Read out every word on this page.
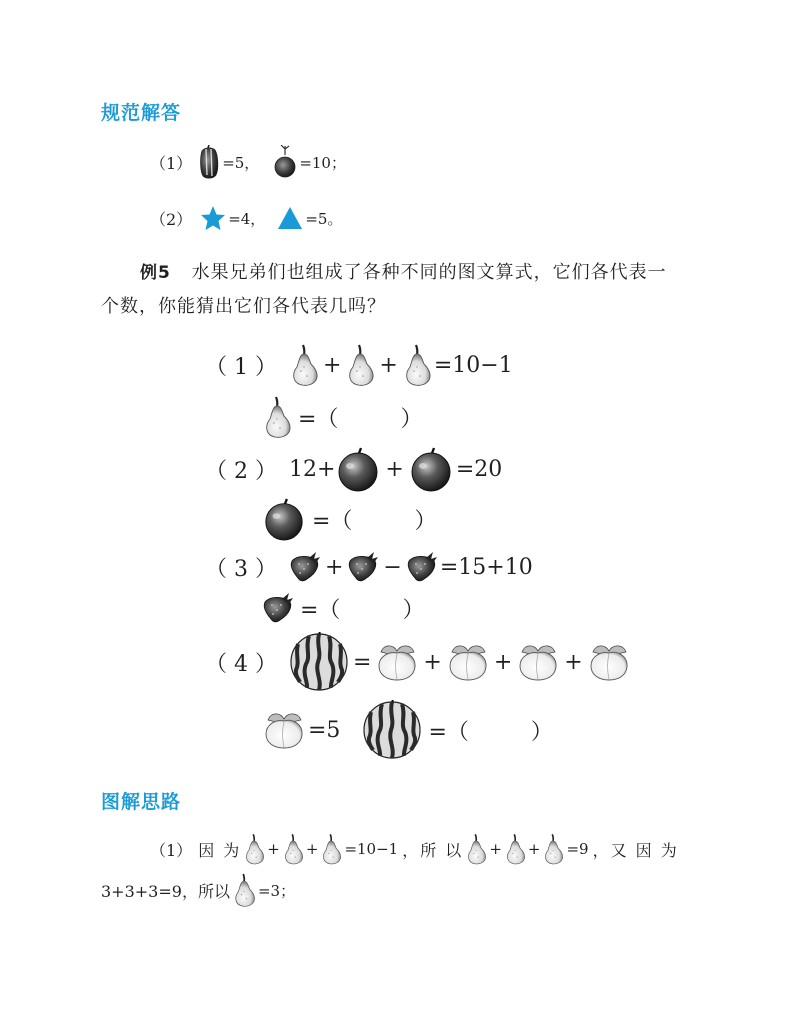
规范解答
（1） =5，	=10；
（2） =4，	=5。
例5 水果兄弟们也组成了各种不同的图文算式，它们各代表一
个数，你能猜出它们各代表几吗？
（ 1 ） + + =10−1
=（	）
（ 2 ） 12+ + =20
=（	）
（ 3 ） + − =15+10
=（	）
（ 4 ）	= + + +
=5	=（	）
图解思路
（1） 因 为 + + =10−1 ，所 以 + + =9 ，又 因 为
3+3+3=9，所以 =3；
